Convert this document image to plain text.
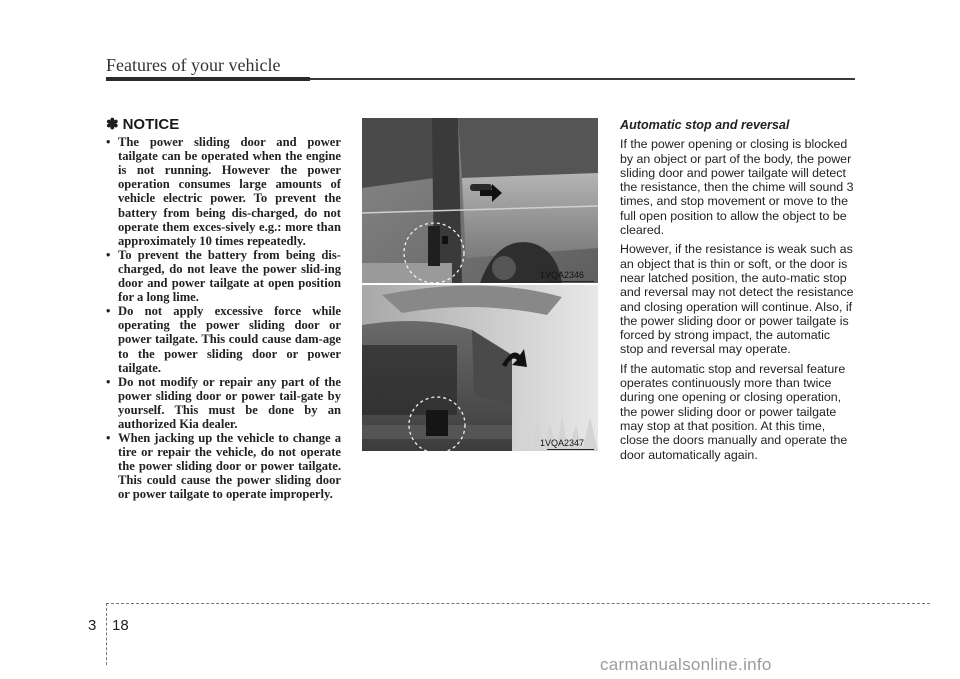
Features of your vehicle
✽ NOTICE
• The power sliding door and power tailgate can be operated when the engine is not running. However the power operation consumes large amounts of vehicle electric power. To prevent the battery from being dis-charged, do not operate them exces-sively e.g.: more than approximately 10 times repeatedly.
• To prevent the battery from being dis-charged, do not leave the power slid-ing door and power tailgate at open position for a long lime.
• Do not apply excessive force while operating the power sliding door or power tailgate. This could cause dam-age to the power sliding door or power tailgate.
• Do not modify or repair any part of the power sliding door or power tail-gate by yourself. This must be done by an authorized Kia dealer.
• When jacking up the vehicle to change a tire or repair the vehicle, do not operate the power sliding door or power tailgate. This could cause the power sliding door or power tailgate to operate improperly.
1VQA2346
1VQA2347
Automatic stop and reversal

If the power opening or closing is blocked by an object or part of the body, the power sliding door and power tailgate will detect the resistance, then the chime will sound 3 times, and stop movement or move to the full open position to allow the object to be cleared.

However, if the resistance is weak such as an object that is thin or soft, or the door is near latched position, the auto-matic stop and reversal may not detect the resistance and closing operation will continue. Also, if the power sliding door or power tailgate is forced by strong impact, the automatic stop and reversal may operate.

If the automatic stop and reversal feature operates continuously more than twice during one opening or closing operation, the power sliding door or power tailgate may stop at that position. At this time, close the doors manually and operate the door automatically again.

3 18
carmanualsonline.info
